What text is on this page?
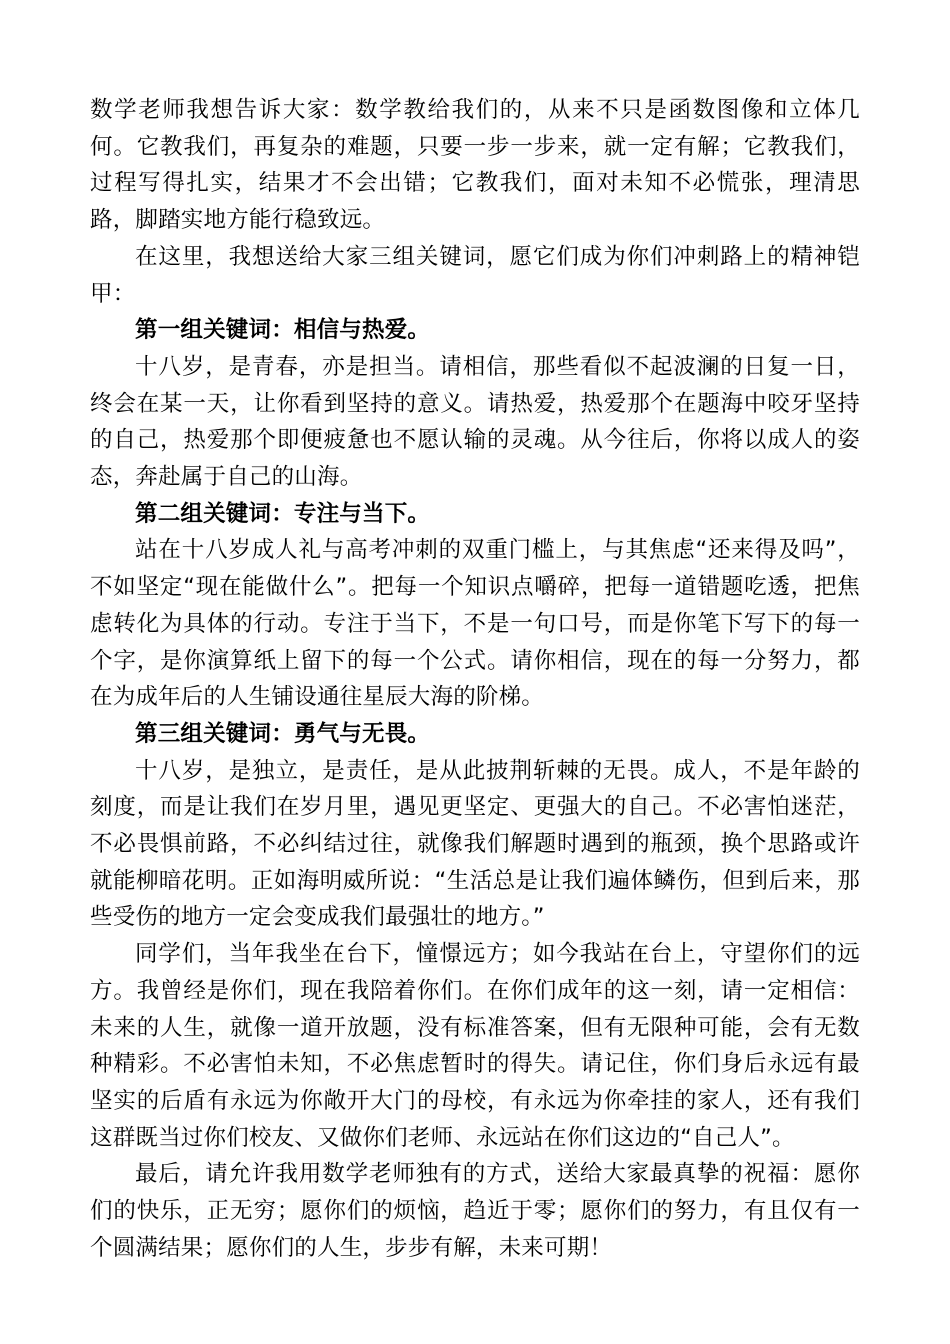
数学老师我想告诉大家：数学教给我们的，从来不只是函数图像和立体几何。它教我们，再复杂的难题，只要一步一步来，就一定有解；它教我们，过程写得扎实，结果才不会出错；它教我们，面对未知不必慌张，理清思路，脚踏实地方能行稳致远。

在这里，我想送给大家三组关键词，愿它们成为你们冲刺路上的精神铠甲：

第一组关键词：相信与热爱。

十八岁，是青春，亦是担当。请相信，那些看似不起波澜的日复一日，终会在某一天，让你看到坚持的意义。请热爱，热爱那个在题海中咬牙坚持的自己，热爱那个即便疲惫也不愿认输的灵魂。从今往后，你将以成人的姿态，奔赴属于自己的山海。

第二组关键词：专注与当下。

站在十八岁成人礼与高考冲刺的双重门槛上，与其焦虑“还来得及吗”，不如坚定“现在能做什么”。把每一个知识点嚼碎，把每一道错题吃透，把焦虑转化为具体的行动。专注于当下，不是一句口号，而是你笔下写下的每一个字，是你演算纸上留下的每一个公式。请你相信，现在的每一分努力，都在为成年后的人生铺设通往星辰大海的阶梯。

第三组关键词：勇气与无畏。

十八岁，是独立，是责任，是从此披荆斩棘的无畏。成人，不是年龄的刻度，而是让我们在岁月里，遇见更坚定、更强大的自己。不必害怕迷茫，不必畏惧前路，不必纠结过往，就像我们解题时遇到的瓶颈，换个思路或许就能柳暗花明。正如海明威所说：“生活总是让我们遍体鳞伤，但到后来，那些受伤的地方一定会变成我们最强壮的地方。”

同学们，当年我坐在台下，憧憬远方；如今我站在台上，守望你们的远方。我曾经是你们，现在我陪着你们。在你们成年的这一刻，请一定相信：未来的人生，就像一道开放题，没有标准答案，但有无限种可能，会有无数种精彩。不必害怕未知，不必焦虑暂时的得失。请记住，你们身后永远有最坚实的后盾有永远为你敞开大门的母校，有永远为你牵挂的家人，还有我们这群既当过你们校友、又做你们老师、永远站在你们这边的“自己人”。

最后，请允许我用数学老师独有的方式，送给大家最真挚的祝福：愿你们的快乐，正无穷；愿你们的烦恼，趋近于零；愿你们的努力，有且仅有一个圆满结果；愿你们的人生，步步有解，未来可期！
